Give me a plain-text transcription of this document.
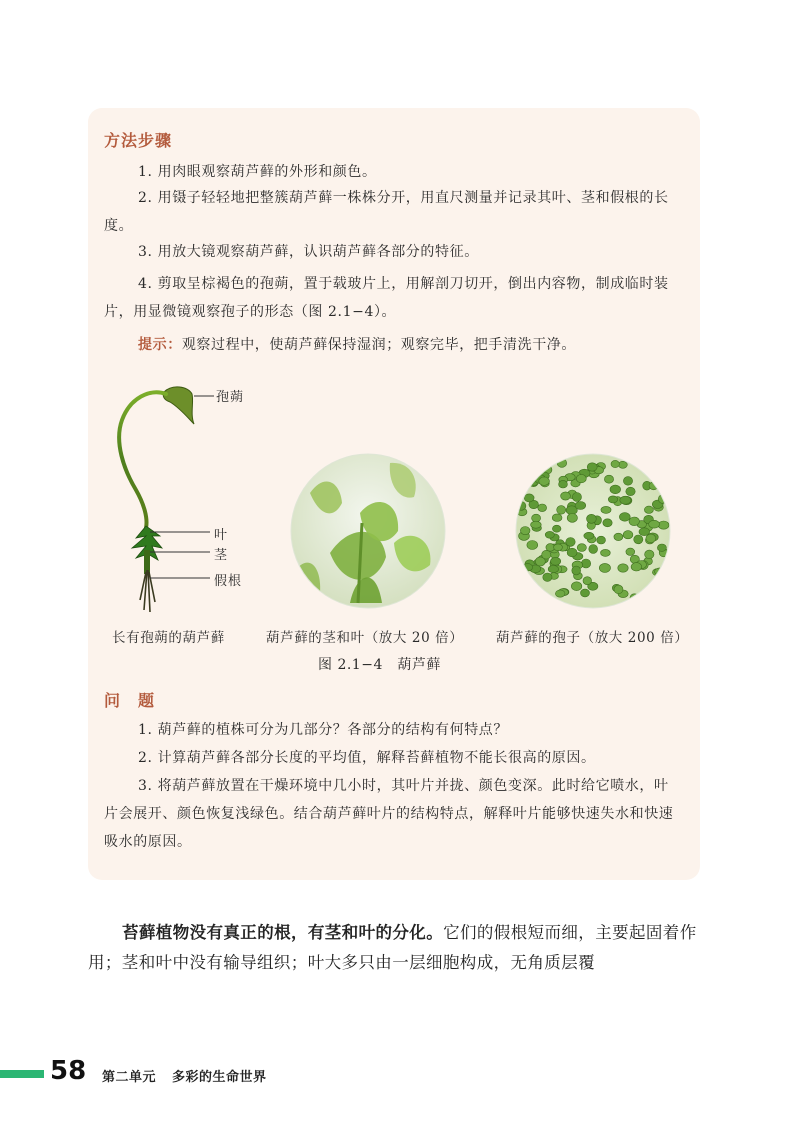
方法步骤
1. 用肉眼观察葫芦藓的外形和颜色。
2. 用镊子轻轻地把整簇葫芦藓一株株分开，用直尺测量并记录其叶、茎和假根的长度。
3. 用放大镜观察葫芦藓，认识葫芦藓各部分的特征。
4. 剪取呈棕褐色的孢蒴，置于载玻片上，用解剖刀切开，倒出内容物，制成临时装片，用显微镜观察孢子的形态（图 2.1−4）。
提示：观察过程中，使葫芦藓保持湿润；观察完毕，把手清洗干净。
孢蒴
叶
茎
假根
长有孢蒴的葫芦藓	葫芦藓的茎和叶（放大 20 倍） 葫芦藓的孢子（放大 200 倍）
图 2.1−4　葫芦藓
问　题
1. 葫芦藓的植株可分为几部分？各部分的结构有何特点？
2. 计算葫芦藓各部分长度的平均值，解释苔藓植物不能长很高的原因。
3. 将葫芦藓放置在干燥环境中几小时，其叶片并拢、颜色变深。此时给它喷水，叶片会展开、颜色恢复浅绿色。结合葫芦藓叶片的结构特点，解释叶片能够快速失水和快速吸水的原因。
苔藓植物没有真正的根，有茎和叶的分化。它们的假根短而细，主要起固着作用；茎和叶中没有输导组织；叶大多只由一层细胞构成，无角质层覆
58 第二单元 多彩的生命世界
